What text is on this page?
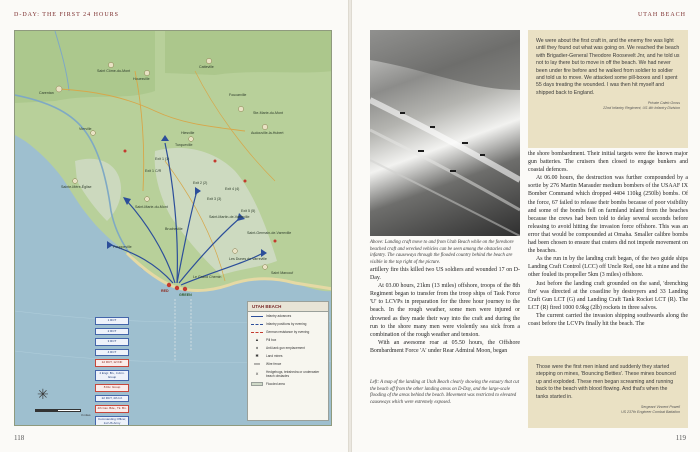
D-DAY: THE FIRST 24 HOURS
Carentan
Saint Côme-du-Mont
Houesville
Catteville
Ste-Marie-du-Mont
Audouville-la-Hubert
Vierville
Hiesville
Turqueville
Saint-Martin-de-Varreville
Sainte-Mère-Église
Foucarville
Saint-Germain-de-Varreville
Les Dunes de Varreville
Saint Marcouf
Pouppeville
Le Grand Chemin
Exit 1 (1)
Exit 2 (2)
Exit 3 (3)
Exit 4 (4)
Exit 5 (5)
Exit 1 C/R
Saint-Marie-du-Mont
Brucheville
RED
GREEN
1 RCT
2 RCT
3 RCT
4 RCT
12 RCT, 12 INF
4 Engr. Bn., 4 Arm. Group
8 Div. Group
22 RCT, 4th Inf.
4th Cav. Bde., Tk. Bn.
Commanding Officer, 1st US Army
UTAH BEACH
Infantry advances
Infantry positions by evening
German resistance by evening
▲	Pill box
⬧	Anti-tank gun emplacement
✱	Land mines
xxx	Wire fence
⨯	Hedgehogs, tetrahedra or underwater beach obstacles
Flooded area
✳
3 miles
118
UTAH BEACH
We were about the first craft in, and the enemy fire was light until they found out what was going on. We reached the beach with Brigadier-General Theodore Roosevelt Jnr, and he told us not to lay there but to move in off the beach. We had never been under fire before and he walked from soldier to soldier and told us to move. We attacked some pill-boxes and I spent 55 days treating the wounded. I was then hit myself and shipped back to England.
Private Caleb Gross
22nd Infantry Regiment, US 4th Infantry Division
Above: Landing craft move to and from Utah Beach while on the foreshore beached craft and wrecked vehicles can be seen among the obstacles and infantry. The causeways through the flooded country behind the beach are visible in the top right of the picture.

artillery fire this killed two US soldiers and wounded 17 on D-Day.

At 03.00 hours, 21km (13 miles) offshore, troops of the 8th Regiment began to transfer from the troop ships of Task Force 'U' to LCVPs in preparation for the three hour journey to the beach. In the rough weather, some men were injured or drowned as they made their way into the craft and during the run to the shore many men were violently sea sick from a combination of the rough weather and tension.

With an awesome roar at 05.50 hours, the Offshore Bombardment Force 'A' under Rear Admiral Moon, began

Left: A map of the landing at Utah Beach clearly showing the estuary that cut the beach off from the other landing areas on D-Day, and the large-scale flooding of the areas behind the beach. Movement was restricted to elevated causeways which were extremely exposed.

the shore bombardment. Their initial targets were the known major gun batteries. The cruisers then closed to engage bunkers and coastal defences.

At 06.00 hours, the destruction was further compounded by a sortie by 276 Martin Marauder medium bombers of the USAAF IX Bomber Command which dropped 4404 110kg (250lb) bombs. Of the force, 67 failed to release their bombs because of poor visibility and some of the bombs fell on farmland inland from the beaches because the crews had been told to delay several seconds before releasing to avoid hitting the invasion force offshore. This was an error that would be compounded at Omaha. Smaller calibre bombs had been chosen to ensure that craters did not impede movement on the beaches.

As the run in by the landing craft began, of the two guide ships Landing Craft Control (LCC) off Uncle Red, one hit a mine and the other fouled its propeller 5km (3 miles) offshore.

Just before the landing craft grounded on the sand, 'drenching fire' was directed at the coastline by destroyers and 33 Landing Craft Gun LCT (G) and Landing Craft Tank Rocket LCT (R). The LCT (R) fired 1000 0.9kg (2lb) rockets in three salvos.

The current carried the invasion shipping southwards along the coast before the LCVPs finally hit the beach. The

Those were the first men inland and suddenly they started stepping on mines, 'Bouncing Betties'. These mines bounced up and exploded. These men began screaming and running back to the beach with blood flowing. And that's when the tanks started in.
Sergeant Vincent Powell
US 237th Engineer Combat Battalion
119
